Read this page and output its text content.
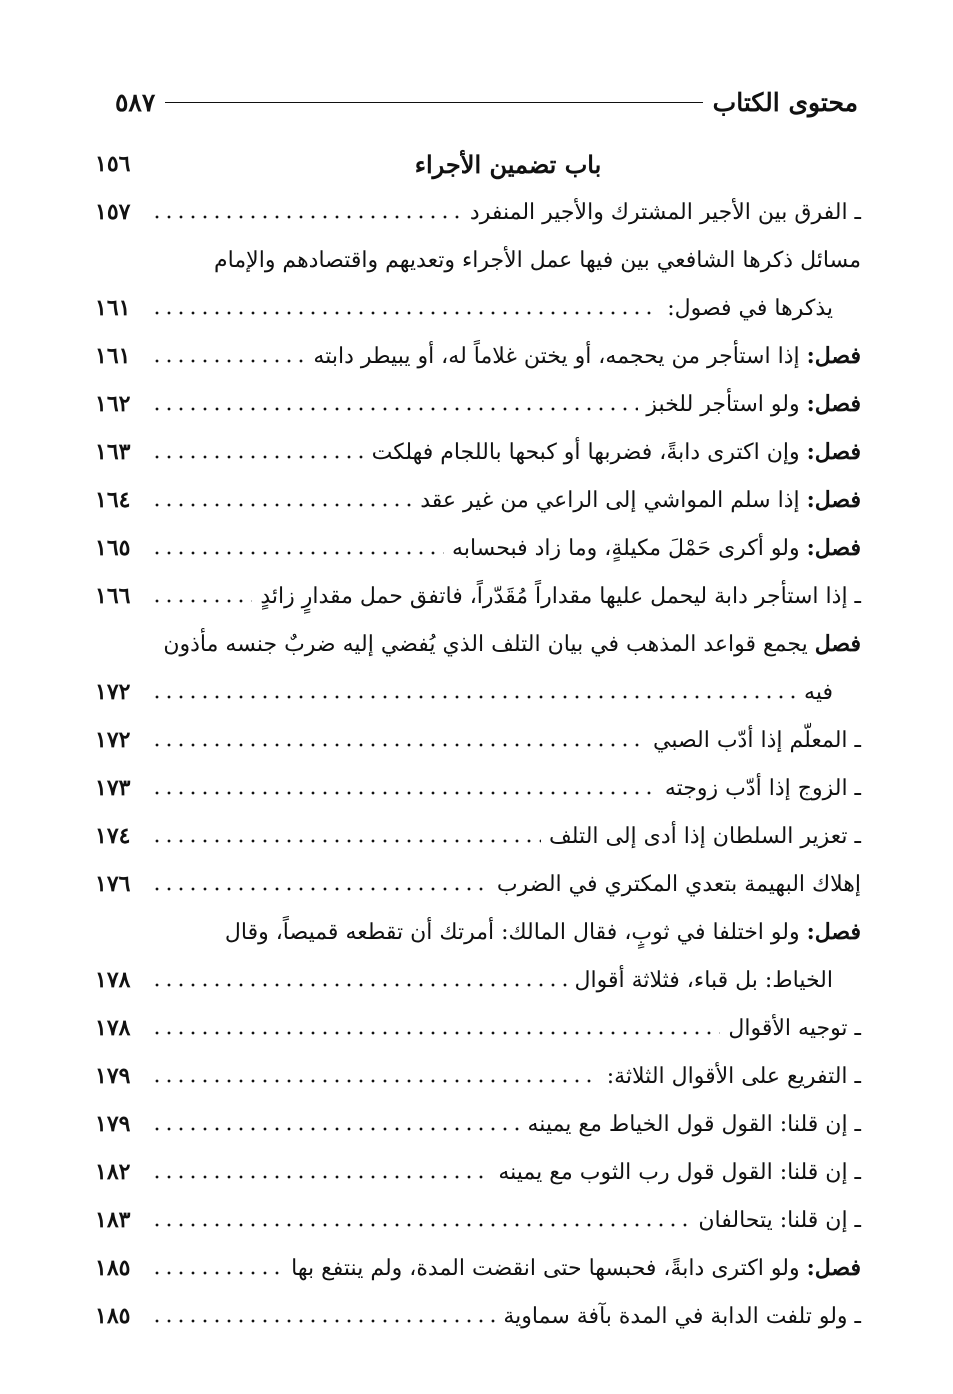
محتوى الكتاب
٥٨٧
باب تضمين الأجراء
١٥٦
ـ الفرق بين الأجير المشترك والأجير المنفرد
١٥٧
مسائل ذكرها الشافعي بين فيها عمل الأجراء وتعديهم واقتصادهم والإمام
يذكرها في فصول:
١٦١
فصل: إذا استأجر من يحجمه، أو يختن غلاماً له، أو يبيطر دابته
١٦١
فصل: ولو استأجر للخبز
١٦٢
فصل: وإن اكترى دابةً، فضربها أو كبحها باللجام فهلكت
١٦٣
فصل: إذا سلم المواشي إلى الراعي من غير عقد
١٦٤
فصل: ولو أكرى حَمْلَ مكيلةٍ، وما زاد فبحسابه
١٦٥
ـ إذا استأجر دابة ليحمل عليها مقداراً مُقَدّراً، فاتفق حمل مقدارٍ زائدٍ
١٦٦
فصل يجمع قواعد المذهب في بيان التلف الذي يُفضي إليه ضربٌ جنسه مأذون
فيه
١٧٢
ـ المعلّم إذا أدّب الصبي
١٧٢
ـ الزوج إذا أدّب زوجته
١٧٣
ـ تعزير السلطان إذا أدى إلى التلف
١٧٤
إهلاك البهيمة بتعدي المكتري في الضرب
١٧٦
فصل: ولو اختلفا في ثوبٍ، فقال المالك: أمرتك أن تقطعه قميصاً، وقال
الخياط: بل قباء، فثلاثة أقوال
١٧٨
ـ توجيه الأقوال
١٧٨
ـ التفريع على الأقوال الثلاثة:
١٧٩
ـ إن قلنا: القول قول الخياط مع يمينه
١٧٩
ـ إن قلنا: القول قول رب الثوب مع يمينه
١٨٢
ـ إن قلنا: يتحالفان
١٨٣
فصل: ولو اكترى دابةً، فحبسها حتى انقضت المدة، ولم ينتفع بها
١٨٥
ـ ولو تلفت الدابة في المدة بآفة سماوية
١٨٥
